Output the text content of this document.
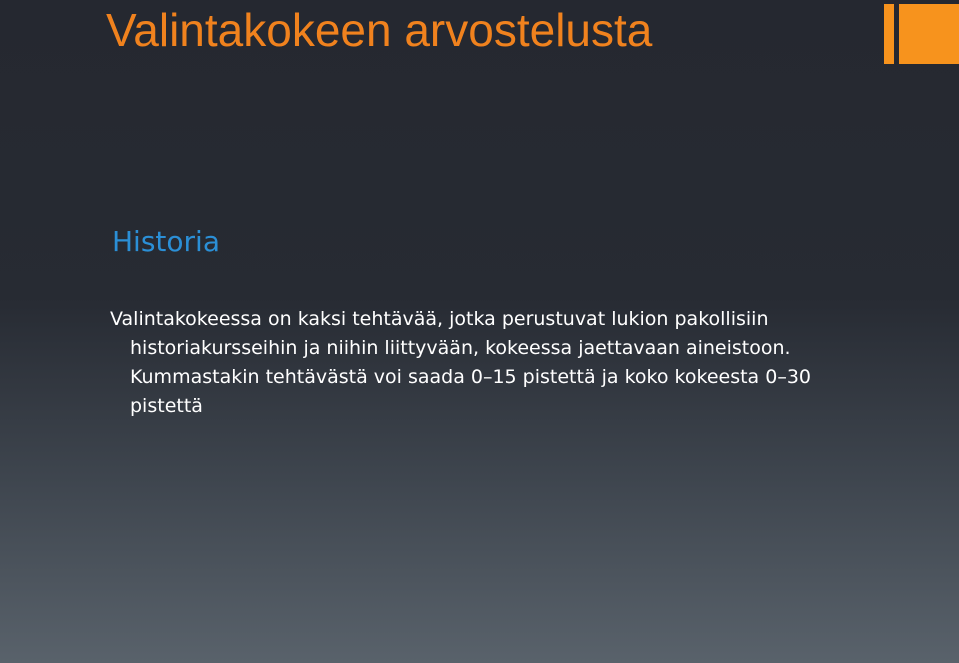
Valintakokeen arvostelusta
Historia
Valintakokeessa on kaksi tehtävää, jotka perustuvat lukion pakollisiin historiakursseihin ja niihin liittyvään, kokeessa jaettavaan aineistoon. Kummastakin tehtävästä voi saada 0–15 pistettä ja koko kokeesta 0–30 pistettä
